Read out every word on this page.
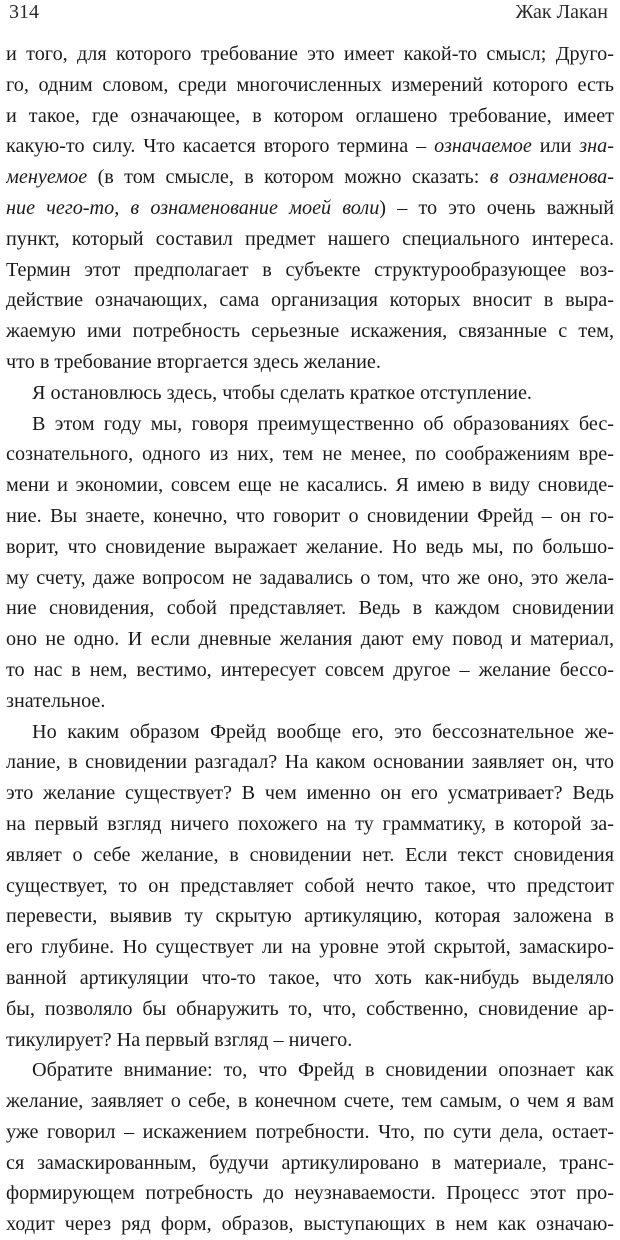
314	Жак Лакан
и того, для которого требование это имеет какой-то смысл; Друго-
го, одним словом, среди многочисленных измерений которого есть
и такое, где означающее, в котором оглашено требование, имеет
какую-то силу. Что касается второго термина – означаемое или зна-
менуемое (в том смысле, в котором можно сказать: в ознаменова-
ние чего-то, в ознаменование моей воли) – то это очень важный
пункт, который составил предмет нашего специального интереса.
Термин этот предполагает в субъекте структурообразующее воз-
действие означающих, сама организация которых вносит в выра-
жаемую ими потребность серьезные искажения, связанные с тем,
что в требование вторгается здесь желание.
Я остановлюсь здесь, чтобы сделать краткое отступление.
В этом году мы, говоря преимущественно об образованиях бес-
сознательного, одного из них, тем не менее, по соображениям вре-
мени и экономии, совсем еще не касались. Я имею в виду сновиде-
ние. Вы знаете, конечно, что говорит о сновидении Фрейд – он го-
ворит, что сновидение выражает желание. Но ведь мы, по большо-
му счету, даже вопросом не задавались о том, что же оно, это жела-
ние сновидения, собой представляет. Ведь в каждом сновидении
оно не одно. И если дневные желания дают ему повод и материал,
то нас в нем, вестимо, интересует совсем другое – желание бессо-
знательное.
Но каким образом Фрейд вообще его, это бессознательное же-
лание, в сновидении разгадал? На каком основании заявляет он, что
это желание существует? В чем именно он его усматривает? Ведь
на первый взгляд ничего похожего на ту грамматику, в которой за-
являет о себе желание, в сновидении нет. Если текст сновидения
существует, то он представляет собой нечто такое, что предстоит
перевести, выявив ту скрытую артикуляцию, которая заложена в
его глубине. Но существует ли на уровне этой скрытой, замаскиро-
ванной артикуляции что-то такое, что хоть как-нибудь выделяло
бы, позволяло бы обнаружить то, что, собственно, сновидение ар-
тикулирует? На первый взгляд – ничего.
Обратите внимание: то, что Фрейд в сновидении опознает как
желание, заявляет о себе, в конечном счете, тем самым, о чем я вам
уже говорил – искажением потребности. Что, по сути дела, остает-
ся замаскированным, будучи артикулировано в материале, транс-
формирующем потребность до неузнаваемости. Процесс этот про-
ходит через ряд форм, образов, выступающих в нем как означаю-
